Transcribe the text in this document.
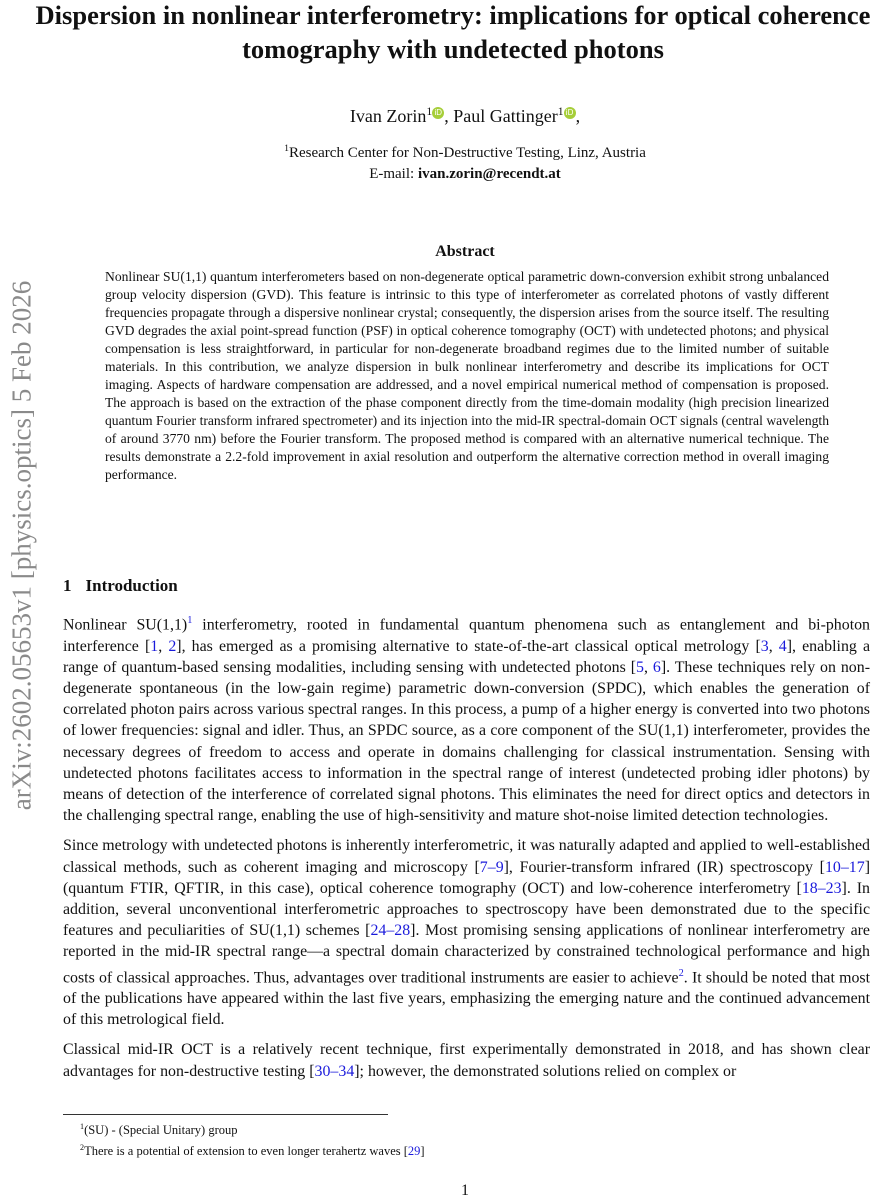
arXiv:2602.05653v1 [physics.optics] 5 Feb 2026
Dispersion in nonlinear interferometry: implications for optical coherence tomography with undetected photons
Ivan Zorin$^1$ iD , Paul Gattinger$^1$ iD ,
$^1$Research Center for Non-Destructive Testing, Linz, Austria
E-mail: ivan.zorin@recendt.at
Abstract
Nonlinear SU(1,1) quantum interferometers based on non-degenerate optical parametric down-conversion exhibit strong unbalanced group velocity dispersion (GVD). This feature is intrinsic to this type of interferometer as correlated photons of vastly different frequencies propagate through a dispersive nonlinear crystal; consequently, the dispersion arises from the source itself. The resulting GVD degrades the axial point-spread function (PSF) in optical coherence tomography (OCT) with undetected photons; and physical compensation is less straightforward, in particular for non-degenerate broadband regimes due to the limited number of suitable materials. In this contribution, we analyze dispersion in bulk nonlinear interferometry and describe its implications for OCT imaging. Aspects of hardware compensation are addressed, and a novel empirical numerical method of compensation is proposed. The approach is based on the extraction of the phase component directly from the time-domain modality (high precision linearized quantum Fourier transform infrared spectrometer) and its injection into the mid-IR spectral-domain OCT signals (central wavelength of around 3770 nm) before the Fourier transform. The proposed method is compared with an alternative numerical technique. The results demonstrate a 2.2-fold improvement in axial resolution and outperform the alternative correction method in overall imaging performance.
1 Introduction

Nonlinear $SU(1,1)^1$ interferometry, rooted in fundamental quantum phenomena such as entanglement and bi-photon interference [1, 2], has emerged as a promising alternative to state-of-the-art classical optical metrology [3, 4], enabling a range of quantum-based sensing modalities, including sensing with undetected photons [5, 6]. These techniques rely on non-degenerate spontaneous (in the low-gain regime) parametric down-conversion (SPDC), which enables the generation of correlated photon pairs across various spectral ranges. In this process, a pump of a higher energy is converted into two photons of lower frequencies: signal and idler. Thus, an SPDC source, as a core component of the SU(1,1) interferometer, provides the necessary degrees of freedom to access and operate in domains challenging for classical instrumentation. Sensing with undetected photons facilitates access to information in the spectral range of interest (undetected probing idler photons) by means of detection of the interference of correlated signal photons. This eliminates the need for direct optics and detectors in the challenging spectral range, enabling the use of high-sensitivity and mature shot-noise limited detection technologies.

Since metrology with undetected photons is inherently interferometric, it was naturally adapted and applied to well-established classical methods, such as coherent imaging and microscopy [7–9], Fourier-transform infrared (IR) spectroscopy [10–17] (quantum FTIR, QFTIR, in this case), optical coherence tomography (OCT) and low-coherence interferometry [18–23]. In addition, several unconventional interferometric approaches to spectroscopy have been demonstrated due to the specific features and peculiarities of SU(1,1) schemes [24–28]. Most promising sensing applications of nonlinear interferometry are reported in the mid-IR spectral range—a spectral domain characterized by constrained technological performance and high costs of classical approaches. Thus, advantages over traditional instruments are easier to achieve$^2$. It should be noted that most of the publications have appeared within the last five years, emphasizing the emerging nature and the continued advancement of this metrological field.

Classical mid-IR OCT is a relatively recent technique, first experimentally demonstrated in 2018, and has shown clear advantages for non-destructive testing [30–34]; however, the demonstrated solutions relied on complex or

$^1$(SU) - (Special Unitary) group
$^2$There is a potential of extension to even longer terahertz waves [29]
1
